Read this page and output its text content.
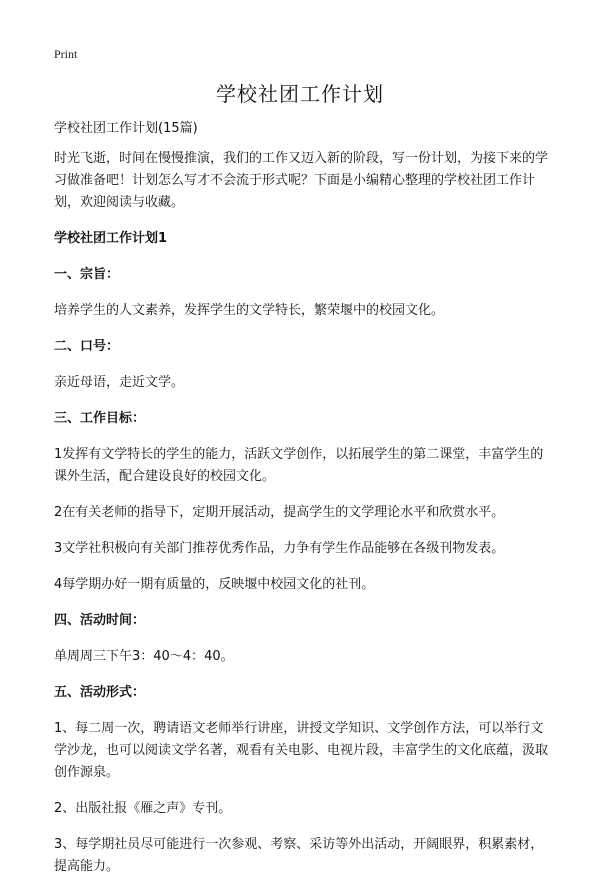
Print
学校社团工作计划

学校社团工作计划(15篇)

时光飞逝，时间在慢慢推演，我们的工作又迈入新的阶段，写一份计划，为接下来的学习做准备吧！计划怎么写才不会流于形式呢？下面是小编精心整理的学校社团工作计划，欢迎阅读与收藏。

学校社团工作计划1

一、宗旨：

培养学生的人文素养，发挥学生的文学特长，繁荣堰中的校园文化。

二、口号：

亲近母语，走近文学。

三、工作目标：

1发挥有文学特长的学生的能力，活跃文学创作，以拓展学生的第二课堂，丰富学生的课外生活，配合建设良好的校园文化。

2在有关老师的指导下，定期开展活动，提高学生的文学理论水平和欣赏水平。

3文学社积极向有关部门推荐优秀作品，力争有学生作品能够在各级刊物发表。

4每学期办好一期有质量的，反映堰中校园文化的社刊。

四、活动时间：

单周周三下午3：40～4：40。

五、活动形式：

1、每二周一次，聘请语文老师举行讲座，讲授文学知识、文学创作方法，可以举行文学沙龙，也可以阅读文学名著，观看有关电影、电视片段，丰富学生的文化底蕴，汲取创作源泉。

2、出版社报《雁之声》专刊。

3、每学期社员尽可能进行一次参观、考察、采访等外出活动，开阔眼界，积累素材，提高能力。
